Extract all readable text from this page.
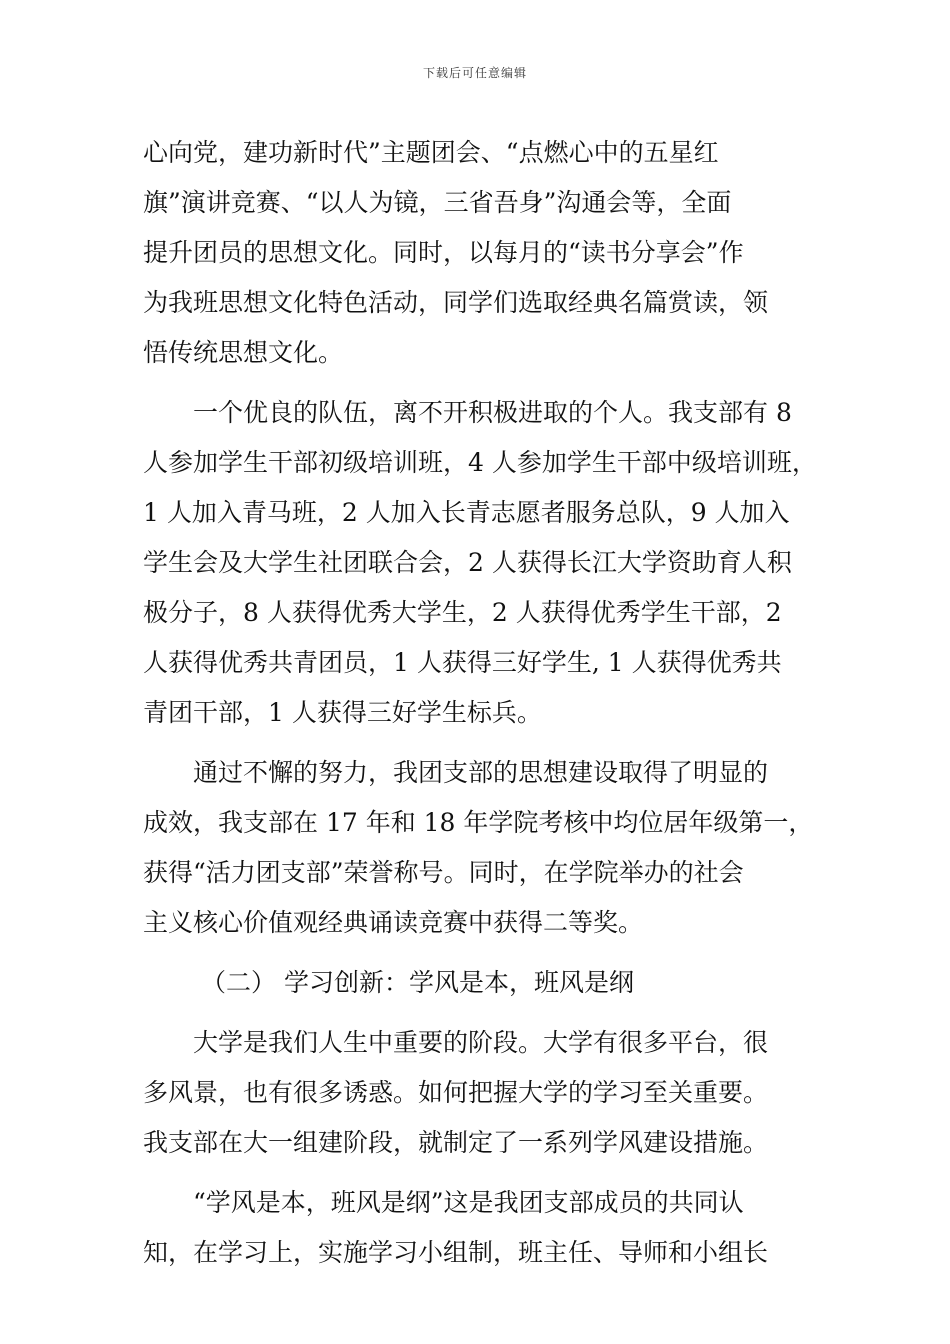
下载后可任意编辑
心向党，建功新时代”主题团会、“点燃心中的五星红
旗”演讲竞赛、“以人为镜，三省吾身”沟通会等，全面
提升团员的思想文化。同时，以每月的“读书分享会”作
为我班思想文化特色活动，同学们选取经典名篇赏读，领
悟传统思想文化。
一个优良的队伍，离不开积极进取的个人。我支部有 8
人参加学生干部初级培训班，4 人参加学生干部中级培训班，
1 人加入青马班，2 人加入长青志愿者服务总队，9 人加入
学生会及大学生社团联合会，2 人获得长江大学资助育人积
极分子，8 人获得优秀大学生，2 人获得优秀学生干部，2
人获得优秀共青团员，1 人获得三好学生, 1 人获得优秀共
青团干部，1 人获得三好学生标兵。
通过不懈的努力，我团支部的思想建设取得了明显的
成效，我支部在 17 年和 18 年学院考核中均位居年级第一，
获得“活力团支部”荣誉称号。同时，在学院举办的社会
主义核心价值观经典诵读竞赛中获得二等奖。
（二） 学习创新：学风是本，班风是纲
大学是我们人生中重要的阶段。大学有很多平台，很
多风景，也有很多诱惑。如何把握大学的学习至关重要。
我支部在大一组建阶段，就制定了一系列学风建设措施。
“学风是本，班风是纲”这是我团支部成员的共同认
知，在学习上，实施学习小组制，班主任、导师和小组长
